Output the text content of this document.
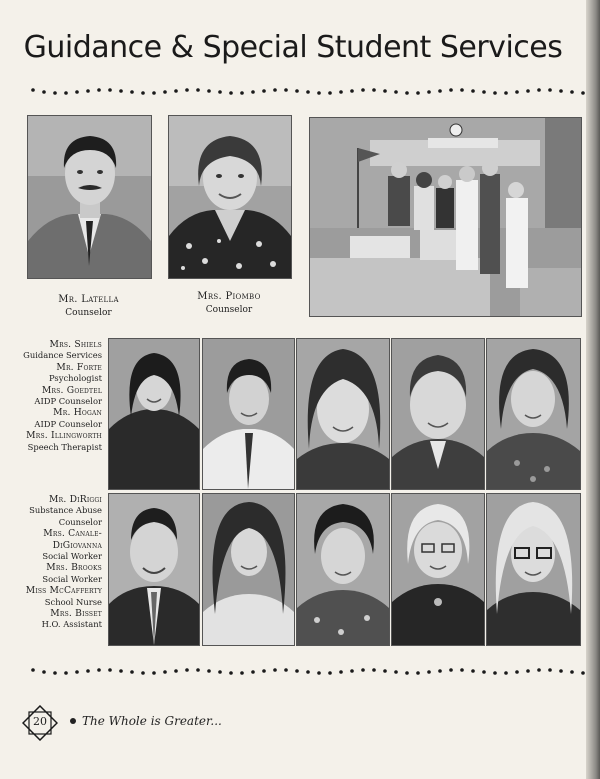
Guidance & Special Student Services
Mr. Latella
Counselor
Mrs. Piombo
Counselor
Mrs. Shiels
Guidance Services
Mr. Forte
Psychologist
Mrs. Goedtel
AIDP Counselor
Mr. Hogan
AIDP Counselor
Mrs. Illingworth
Speech Therapist
Mr. DiRiggi
Substance Abuse Counselor
Mrs. Canale-DiGiovanna
Social Worker
Mrs. Brooks
Social Worker
Miss McCafferty
School Nurse
Mrs. Bisset
H.O. Assistant
20	The Whole is Greater...
